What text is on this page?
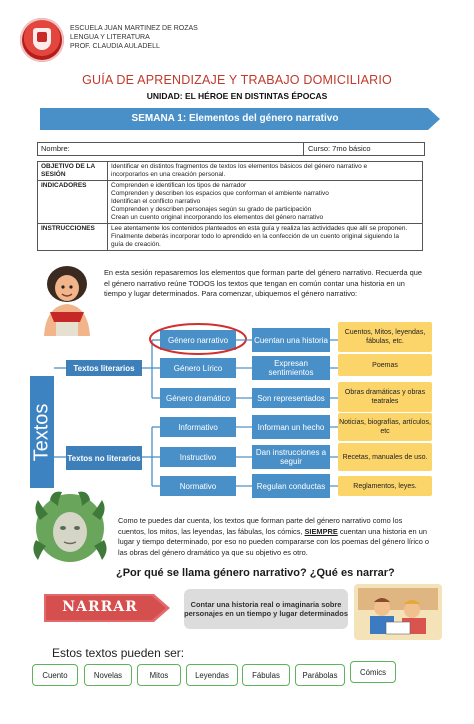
ESCUELA JUAN MARTINEZ DE ROZAS
LENGUA Y LITERATURA
PROF. CLAUDIA AULADELL
GUÍA DE APRENDIZAJE Y TRABAJO DOMICILIARIO
UNIDAD: EL HÉROE EN DISTINTAS ÉPOCAS
SEMANA 1: Elementos del género narrativo
Nombre:	Curso: 7mo básico
OBJETIVO DE LA SESIÓN	Identificar en distintos fragmentos de textos los elementos básicos del género narrativo e
incorporarlos en una creación personal.

INDICADORES	Comprenden e identifican los tipos de narrador
Comprenden y describen los espacios que conforman el ambiente narrativo
Identifican el conflicto narrativo
Comprenden y describen personajes según su grado de participación
Crean un cuento original incorporando los elementos del género narrativo

INSTRUCCIONES	Lee atentamente los contenidos planteados en esta guía y realiza las actividades que allí se proponen.
Finalmente deberás incorporar todo lo aprendido en la confección de un cuento original siguiendo la
guía de creación.
En esta sesión repasaremos los elementos que forman parte del género narrativo. Recuerda que el género narrativo reúne TODOS los textos que tengan en común contar una historia en un tiempo y lugar determinados. Para comenzar, ubiquemos el género narrativo:
Textos
Textos literarios
Textos no literarios
Género narrativo	Cuentan una historia
Cuentos, Mitos, leyendas, fábulas, etc.
Género Lírico	Expresan sentimientos
Poemas
Género dramático	Son representados
Obras dramáticas y obras teatrales
Informativo	Informan un hecho	Noticias, biografías, artículos, etc
Instructivo	Dan instrucciones a seguir	Recetas, manuales de uso.
Normativo	Regulan conductas	Reglamentos, leyes.
Como te puedes dar cuenta, los textos que forman parte del género narrativo como los cuentos, los mitos, las leyendas, las fábulas, los cómics, SIEMPRE cuentan una historia en un lugar y tiempo determinado, por eso no pueden compararse con los poemas del género lírico o las obras del género dramático ya que su objetivo es otro.
¿Por qué se llama género narrativo? ¿Qué es narrar?
NARRAR	Contar una historia real o imaginaria sobre personajes en un tiempo y lugar determinados
Estos textos pueden ser:
Cuento	Novelas	Mitos	Leyendas	Fábulas	Parábolas	Cómics
